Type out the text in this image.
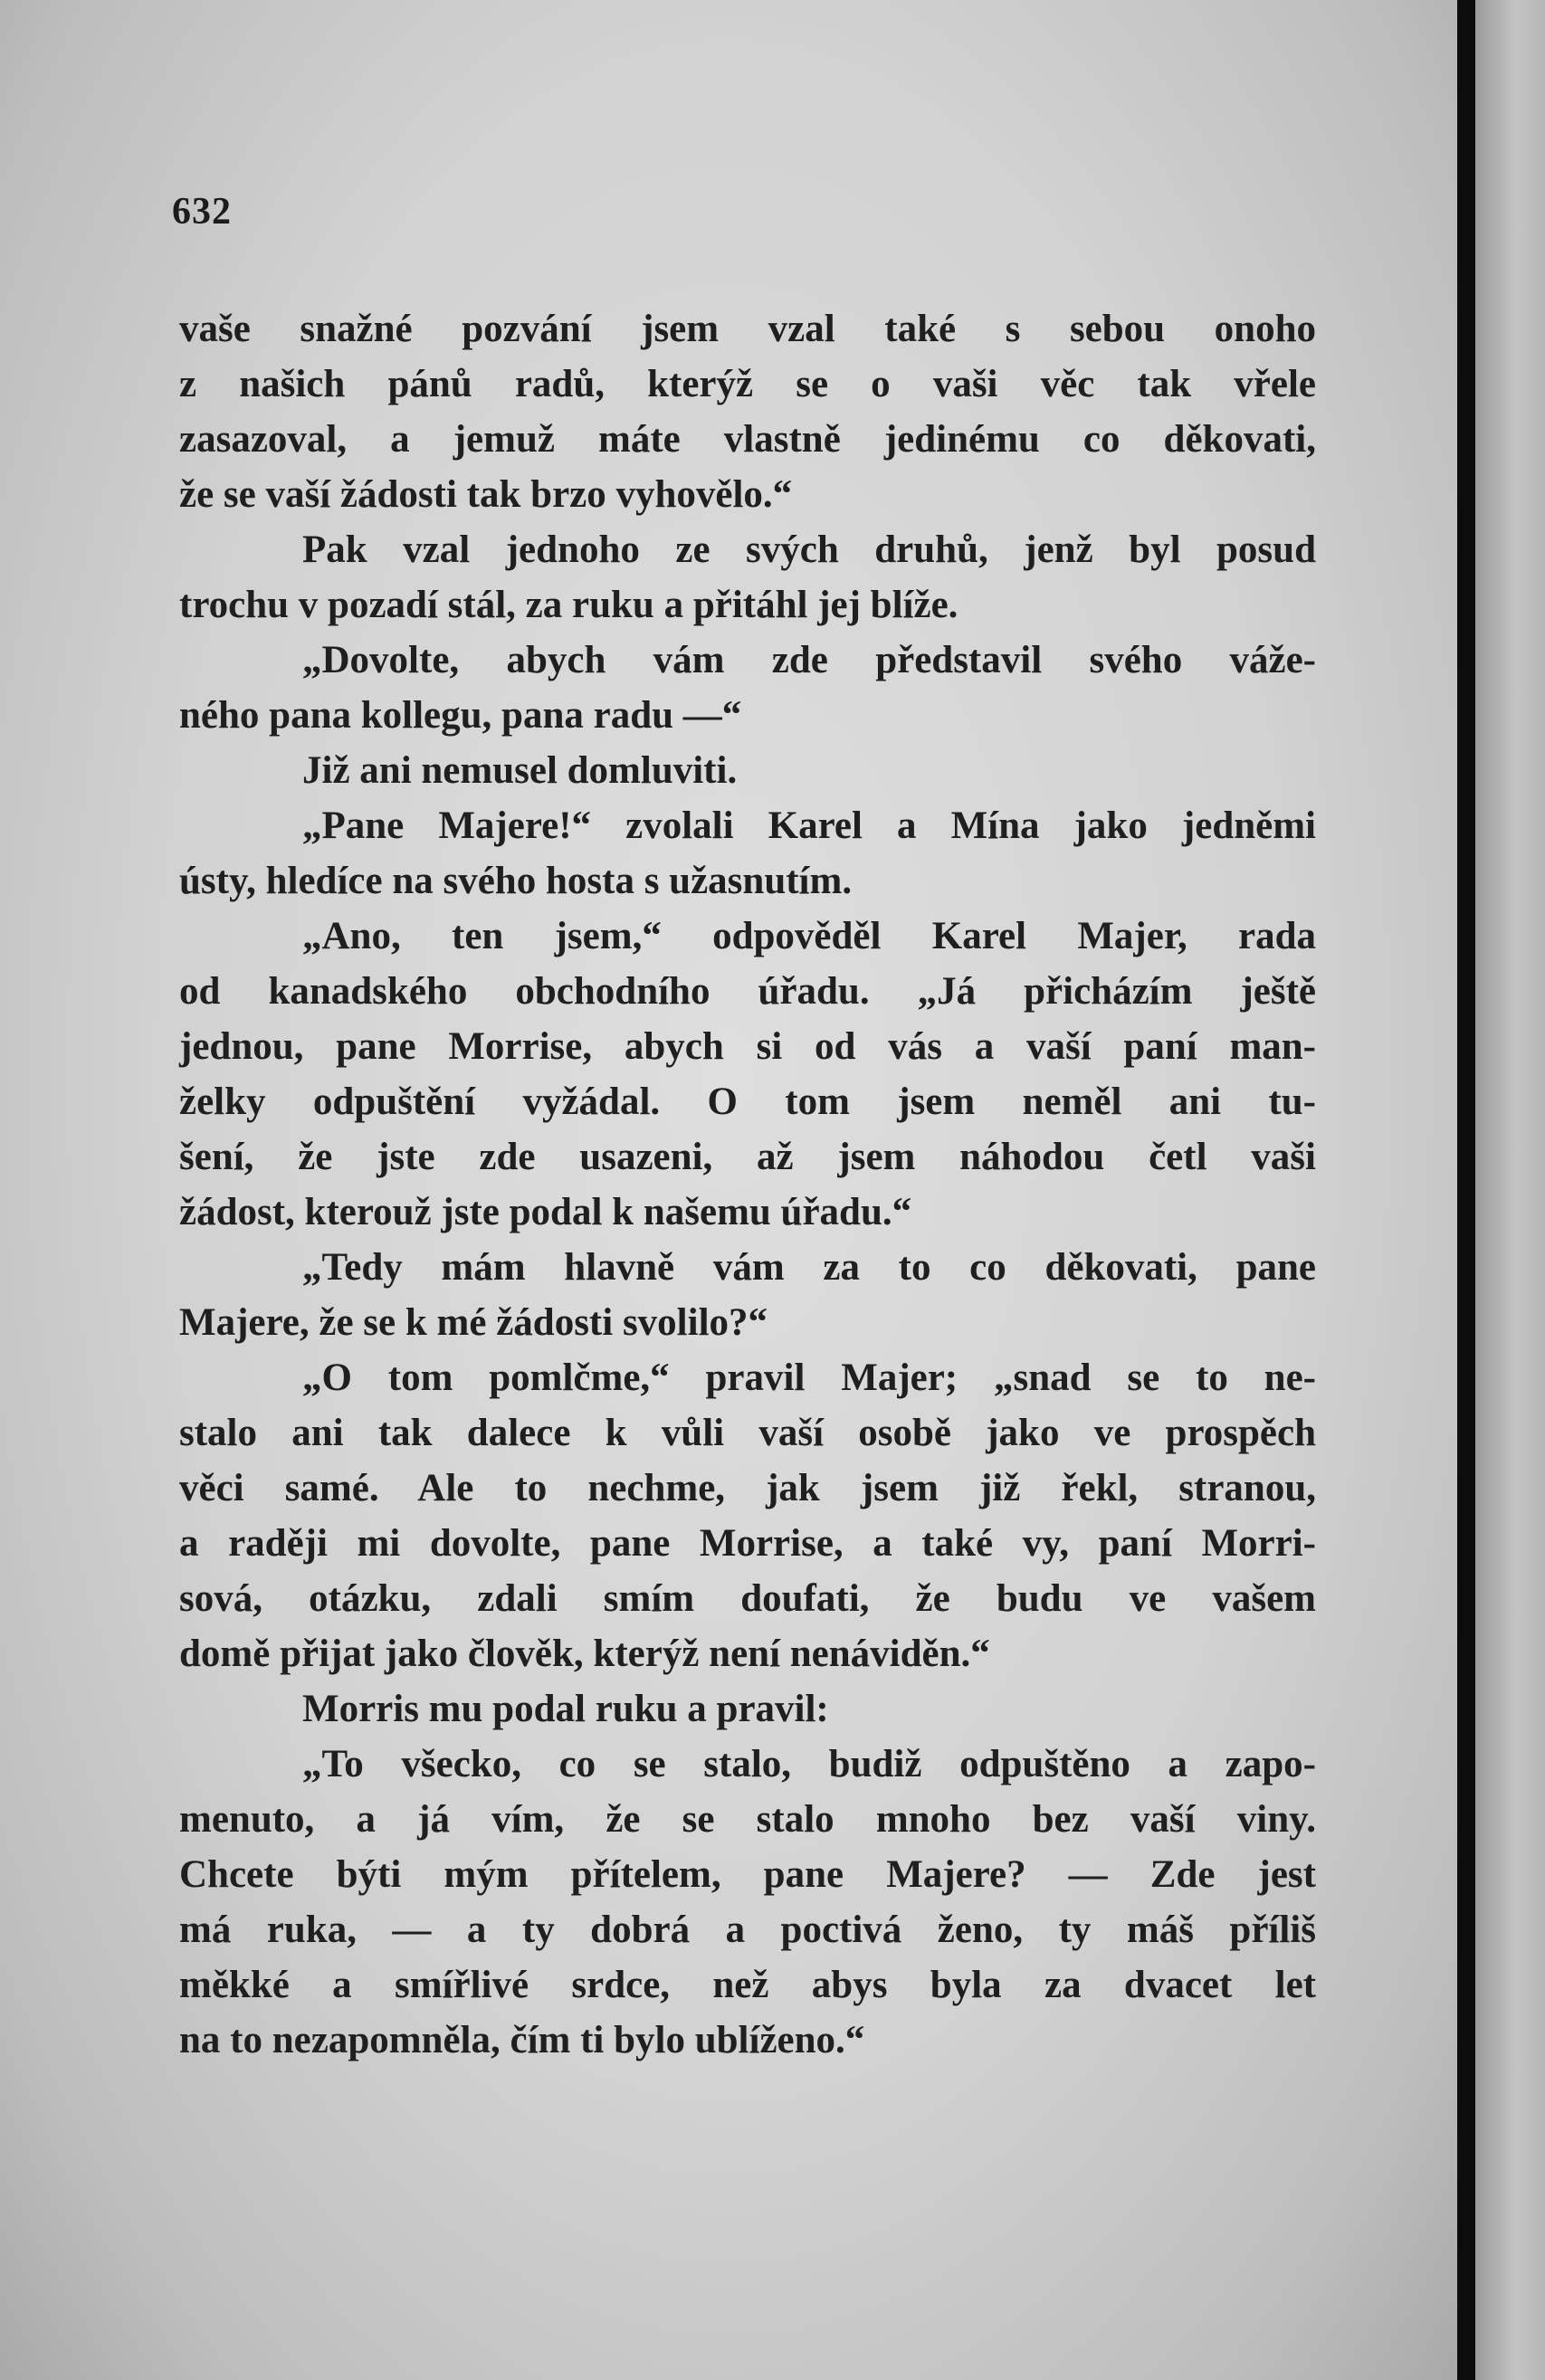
632
vaše snažné pozvání jsem vzal také s sebou onoho
z našich pánů radů, kterýž se o vaši věc tak vřele
zasazoval, a jemuž máte vlastně jedinému co děkovati,
že se vaší žádosti tak brzo vyhovělo.“
Pak vzal jednoho ze svých druhů, jenž byl posud
trochu v pozadí stál, za ruku a přitáhl jej blíže.
„Dovolte, abych vám zde představil svého váže-
ného pana kollegu, pana radu —“
Již ani nemusel domluviti.
„Pane Majere!“ zvolali Karel a Mína jako jedněmi
ústy, hledíce na svého hosta s užasnutím.
„Ano, ten jsem,“ odpověděl Karel Majer, rada
od kanadského obchodního úřadu. „Já přicházím ještě
jednou, pane Morrise, abych si od vás a vaší paní man-
želky odpuštění vyžádal. O tom jsem neměl ani tu-
šení, že jste zde usazeni, až jsem náhodou četl vaši
žádost, kterouž jste podal k našemu úřadu.“
„Tedy mám hlavně vám za to co děkovati, pane
Majere, že se k mé žádosti svolilo?“
„O tom pomlčme,“ pravil Majer; „snad se to ne-
stalo ani tak dalece k vůli vaší osobě jako ve prospěch
věci samé. Ale to nechme, jak jsem již řekl, stranou,
a raději mi dovolte, pane Morrise, a také vy, paní Morri-
sová, otázku, zdali smím doufati, že budu ve vašem
domě přijat jako člověk, kterýž není nenáviděn.“
Morris mu podal ruku a pravil:
„To všecko, co se stalo, budiž odpuštěno a zapo-
menuto, a já vím, že se stalo mnoho bez vaší viny.
Chcete býti mým přítelem, pane Majere? — Zde jest
má ruka, — a ty dobrá a poctivá ženo, ty máš příliš
měkké a smířlivé srdce, než abys byla za dvacet let
na to nezapomněla, čím ti bylo ublíženo.“
